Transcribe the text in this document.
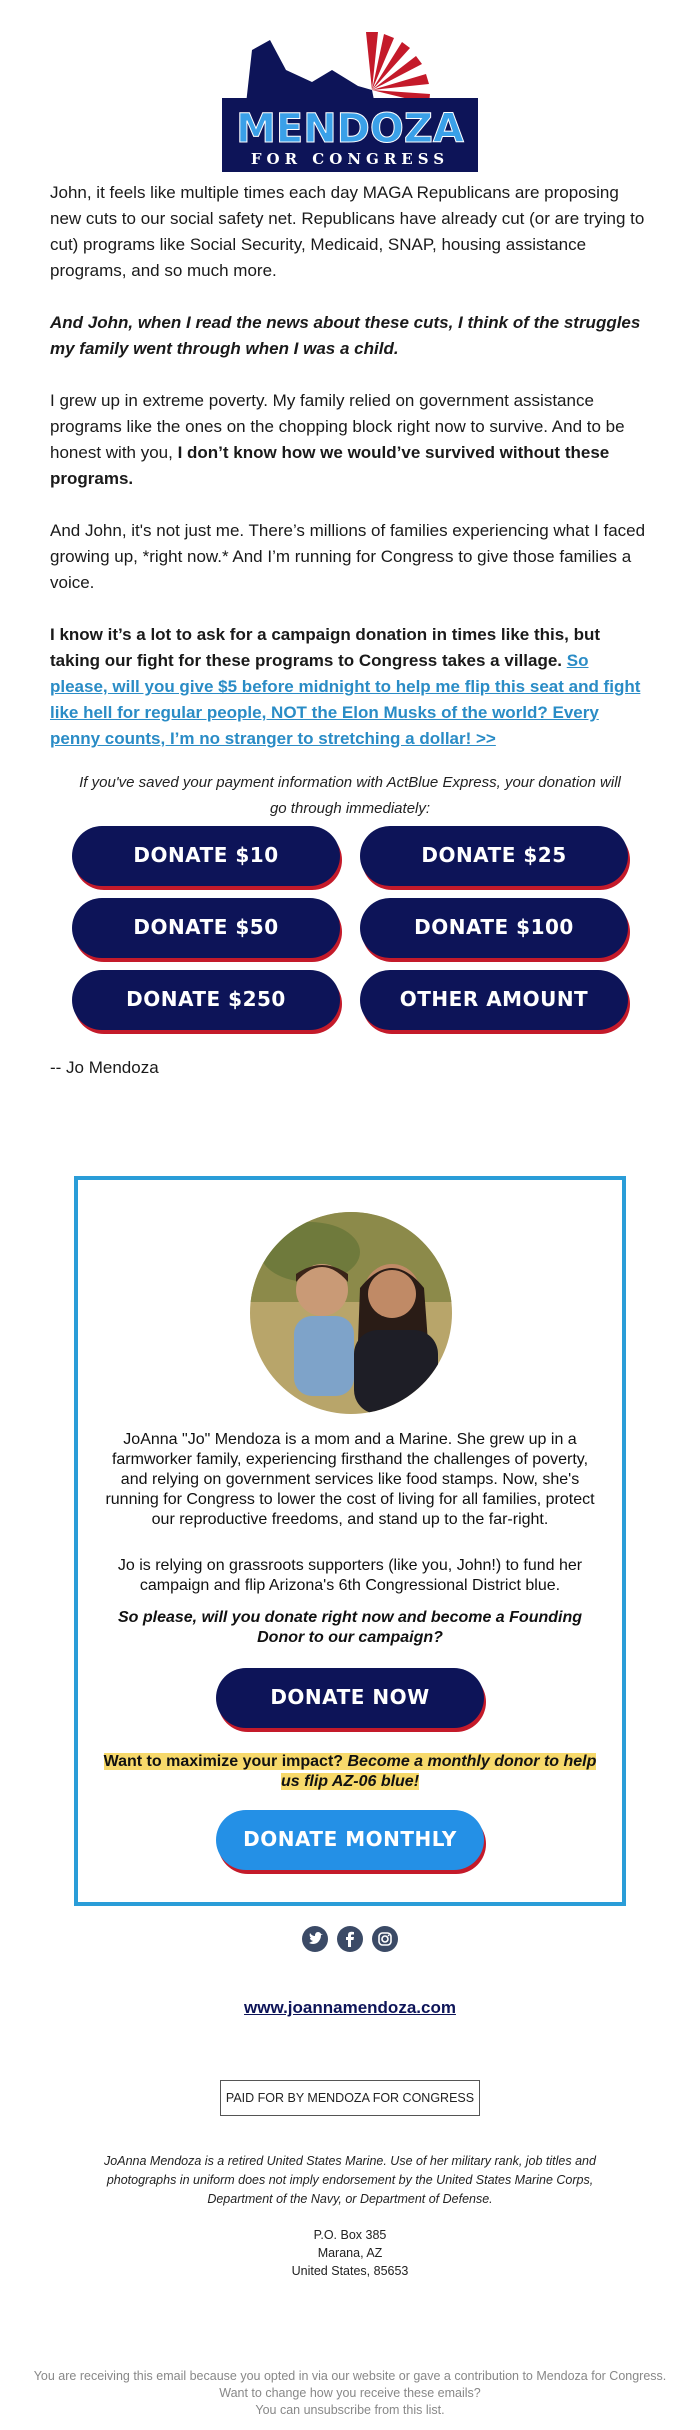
MENDOZA
FOR CONGRESS

John, it feels like multiple times each day MAGA Republicans are proposing new cuts to our social safety net. Republicans have already cut (or are trying to cut) programs like Social Security, Medicaid, SNAP, housing assistance programs, and so much more.

And John, when I read the news about these cuts, I think of the struggles my family went through when I was a child.

I grew up in extreme poverty. My family relied on government assistance programs like the ones on the chopping block right now to survive. And to be honest with you, I don’t know how we would’ve survived without these programs.

And John, it's not just me. There’s millions of families experiencing what I faced growing up, *right now.* And I’m running for Congress to give those families a voice.

I know it’s a lot to ask for a campaign donation in times like this, but taking our fight for these programs to Congress takes a village. So please, will you give $5 before midnight to help me flip this seat and fight like hell for regular people, NOT the Elon Musks of the world? Every penny counts, I’m no stranger to stretching a dollar! >>

If you've saved your payment information with ActBlue Express, your donation will go through immediately:

DONATE $10	DONATE $25
DONATE $50	DONATE $100
DONATE $250	OTHER AMOUNT

-- Jo Mendoza

JoAnna "Jo" Mendoza is a mom and a Marine. She grew up in a farmworker family, experiencing firsthand the challenges of poverty, and relying on government services like food stamps. Now, she's running for Congress to lower the cost of living for all families, protect our reproductive freedoms, and stand up to the far-right.

Jo is relying on grassroots supporters (like you, John!) to fund her campaign and flip Arizona's 6th Congressional District blue.

So please, will you donate right now and become a Founding Donor to our campaign?

DONATE NOW

Want to maximize your impact? Become a monthly donor to help us flip AZ-06 blue!

DONATE MONTHLY
www.joannamendoza.com
PAID FOR BY MENDOZA FOR CONGRESS

JoAnna Mendoza is a retired United States Marine. Use of her military rank, job titles and photographs in uniform does not imply endorsement by the United States Marine Corps, Department of the Navy, or Department of Defense.

P.O. Box 385
Marana, AZ
United States, 85653
You are receiving this email because you opted in via our website or gave a contribution to Mendoza for Congress. Want to change how you receive these emails?
You can unsubscribe from this list.
